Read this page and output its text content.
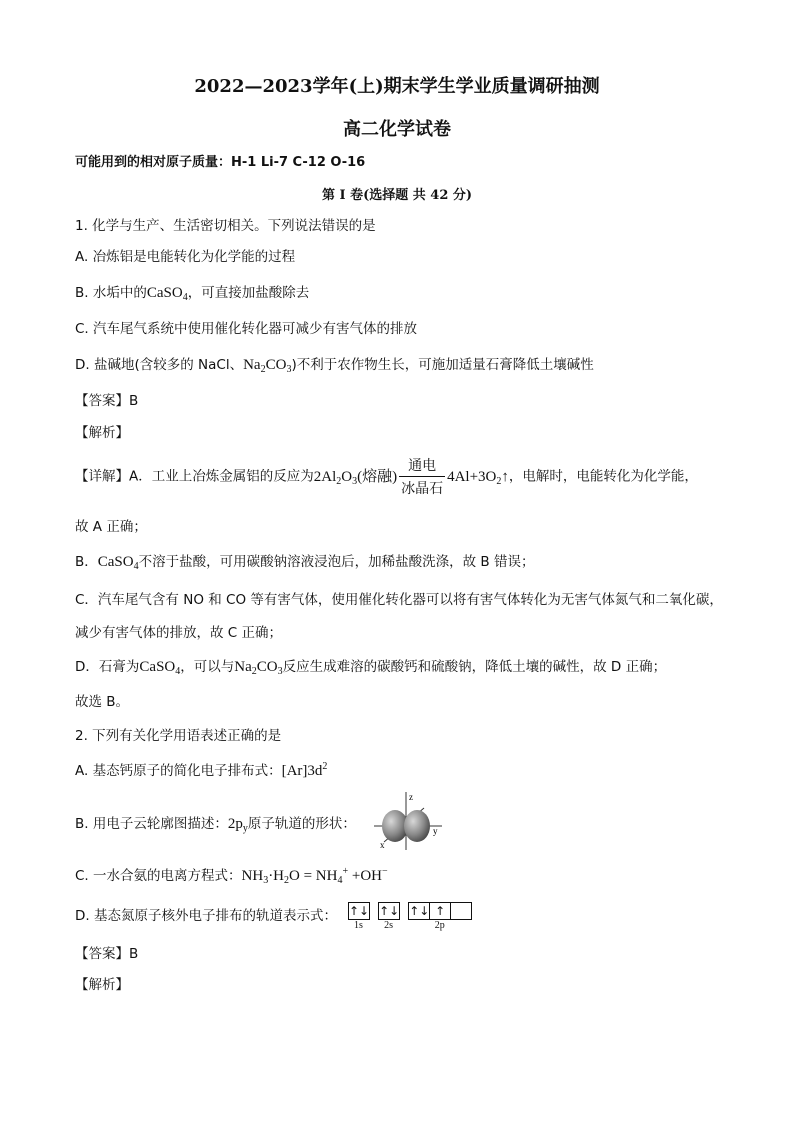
2022—2023学年(上)期末学生学业质量调研抽测
高二化学试卷
可能用到的相对原子质量：H-1 Li-7 C-12 O-16
第 I 卷(选择题 共 42 分)
1. 化学与生产、生活密切相关。下列说法错误的是
A. 冶炼铝是电能转化为化学能的过程
B. 水垢中的CaSO$_4$，可直接加盐酸除去
C. 汽车尾气系统中使用催化转化器可减少有害气体的排放
D. 盐碱地(含较多的 NaCl、$Na_2CO_3$)不利于农作物生长，可施加适量石膏降低土壤碱性
【答案】B
【解析】
【详解】A．工业上冶炼金属铝的反应为$2Al_2O_3$(熔融) $\frac{\text{通电}}{\text{冰晶石}}$ $4Al+3O_2↑$，电解时，电能转化为化学能，
故 A 正确；
B．CaSO$_4$不溶于盐酸，可用碳酸钠溶液浸泡后，加稀盐酸洗涤，故 B 错误；
C．汽车尾气含有 NO 和 CO 等有害气体，使用催化转化器可以将有害气体转化为无害气体氮气和二氧化碳，
减少有害气体的排放，故 C 正确；
D．石膏为CaSO$_4$，可以与$Na_2CO_3$反应生成难溶的碳酸钙和硫酸钠，降低土壤的碱性，故 D 正确；
故选 B。
2. 下列有关化学用语表述正确的是
A. 基态钙原子的简化电子排布式：$[Ar]3d^2$
B. 用电子云轮廓图描述：$2p_y$原子轨道的形状：
z
y
x
C. 一水合氨的电离方程式：$NH_3\cdot H_2O = NH_4^+ +OH^-$
D. 基态氮原子核外电子排布的轨道表示式： ↑↓
1s
↑↓
2s
↑↓ ↑
2p
【答案】B
【解析】
